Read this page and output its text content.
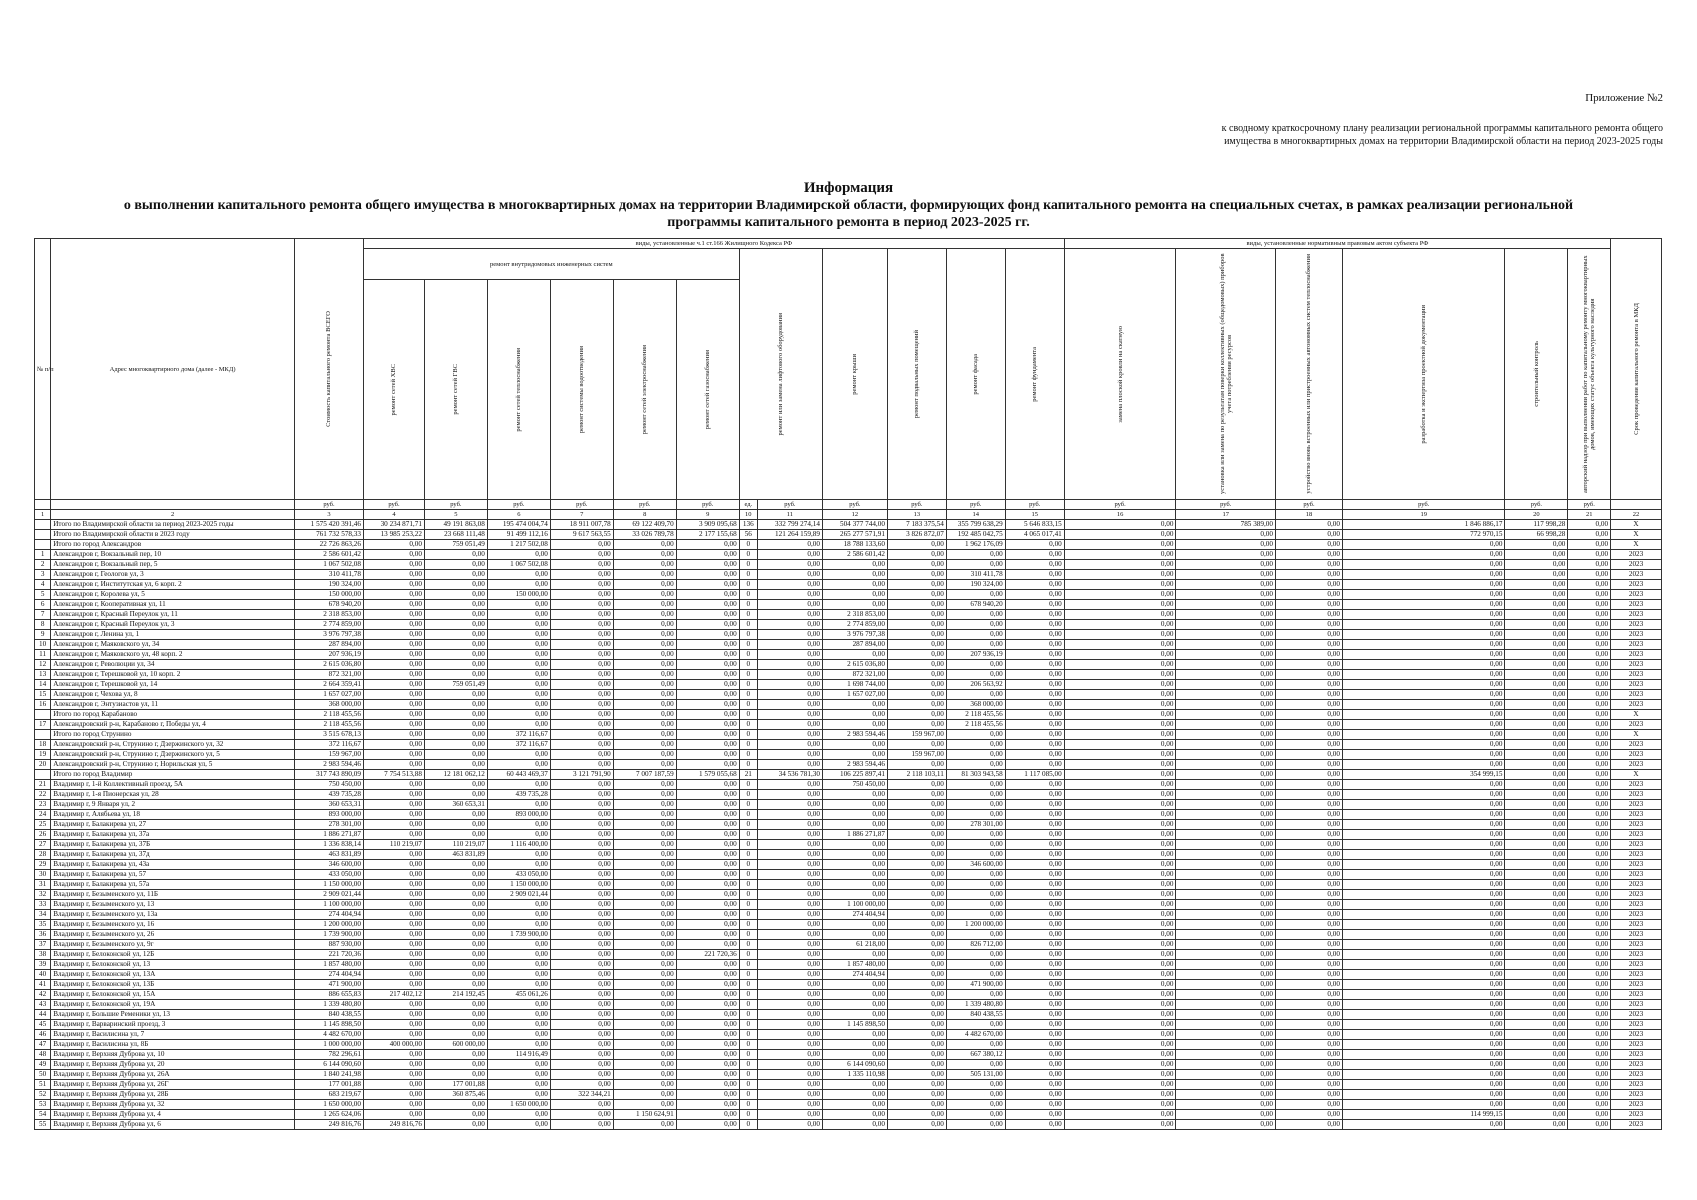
Приложение №2
к сводному краткосрочному плану реализации региональной программы капитального ремонта общего
имущества в многоквартирных домах на территории Владимирской области на период 2023-2025 годы
Информация
о выполнении капитального ремонта общего имущества в многоквартирных домах на территории Владимирской области, формирующих фонд капитального ремонта на специальных счетах, в рамках реализации региональной
программы капитального ремонта в период 2023-2025 гг.
№ п/п	Адрес многоквартирного дома (далее - МКД)	Стоимость капитального ремонта ВСЕГО	виды, установленные ч.1 ст.166 Жилищного Кодекса РФ												виды, установленные нормативным правовым актом субъекта РФ						Срок проведения капитального ремонта в МКД

			ремонт внутридомовых инженерных систем						ремонт или замена лифтового оборудования		ремонт крыши	ремонт подвальных помещений	ремонт фасада	ремонт фундамента	замена плоской кровли на скатную	установка или замена по результатам поверки коллективных (общедомовых) приборов учета потребления ресурсов	устройство вновь встроенных или пристроенных автономных систем теплоснабжения	разработка и экспертиза проектной документации	строительный контроль	авторский надзор при выполнении работ по капитальному ремонту многоквартирных домов, имеющих статус объекта культурного наследия	

			ремонт сетей ХВС	ремонт сетей ГВС	ремонт сетей теплоснабжения	ремонт системы водоотведения	ремонт сетей электроснабжения	ремонт сетей газоснабжения													

		руб.	руб.	руб.	руб.	руб.	руб.	руб.	ед.	руб.	руб.	руб.	руб.	руб.	руб.	руб.	руб.	руб.	руб.	руб.	
1	2	3	4	5	6	7	8	9	10	11	12	13	14	15	16	17	18	19	20	21	22
	Итого по Владимирской области за период 2023-2025 годы	1 575 420 391,46	30 234 871,71	49 191 863,08	195 474 004,74	18 911 007,78	69 122 409,70	3 909 095,68	136	332 799 274,14	504 377 744,00	7 183 375,54	355 799 638,29	5 646 833,15	0,00	785 389,00	0,00	1 846 886,17	117 998,28	0,00	X
	Итого по Владимирской области в 2023 году	761 732 578,33	13 985 253,22	23 668 111,48	91 499 112,16	9 617 563,55	33 026 789,78	2 177 155,68	56	121 264 159,89	265 277 571,91	3 826 872,07	192 485 042,75	4 065 017,41	0,00	0,00	0,00	772 970,15	66 998,28	0,00	X
	Итого по город Александров	22 726 863,26	0,00	759 051,49	1 217 502,08	0,00	0,00	0,00	0	0,00	18 788 133,60	0,00	1 962 176,09	0,00	0,00	0,00	0,00	0,00	0,00	0,00	X
1	Александров г, Вокзальный пер, 10	2 586 601,42	0,00	0,00	0,00	0,00	0,00	0,00	0	0,00	2 586 601,42	0,00	0,00	0,00	0,00	0,00	0,00	0,00	0,00	0,00	2023
2	Александров г, Вокзальный пер, 5	1 067 502,08	0,00	0,00	1 067 502,08	0,00	0,00	0,00	0	0,00	0,00	0,00	0,00	0,00	0,00	0,00	0,00	0,00	0,00	0,00	2023
3	Александров г, Геологов ул, 3	310 411,78	0,00	0,00	0,00	0,00	0,00	0,00	0	0,00	0,00	0,00	310 411,78	0,00	0,00	0,00	0,00	0,00	0,00	0,00	2023
4	Александров г, Институтская ул, 6 корп. 2	190 324,00	0,00	0,00	0,00	0,00	0,00	0,00	0	0,00	0,00	0,00	190 324,00	0,00	0,00	0,00	0,00	0,00	0,00	0,00	2023
5	Александров г, Королева ул, 5	150 000,00	0,00	0,00	150 000,00	0,00	0,00	0,00	0	0,00	0,00	0,00	0,00	0,00	0,00	0,00	0,00	0,00	0,00	0,00	2023
6	Александров г, Кооперативная ул, 11	678 940,20	0,00	0,00	0,00	0,00	0,00	0,00	0	0,00	0,00	0,00	678 940,20	0,00	0,00	0,00	0,00	0,00	0,00	0,00	2023
7	Александров г, Красный Переулок ул, 11	2 318 853,00	0,00	0,00	0,00	0,00	0,00	0,00	0	0,00	2 318 853,00	0,00	0,00	0,00	0,00	0,00	0,00	0,00	0,00	0,00	2023
8	Александров г, Красный Переулок ул, 3	2 774 859,00	0,00	0,00	0,00	0,00	0,00	0,00	0	0,00	2 774 859,00	0,00	0,00	0,00	0,00	0,00	0,00	0,00	0,00	0,00	2023
9	Александров г, Ленина ул, 1	3 976 797,38	0,00	0,00	0,00	0,00	0,00	0,00	0	0,00	3 976 797,38	0,00	0,00	0,00	0,00	0,00	0,00	0,00	0,00	0,00	2023
10	Александров г, Маяковского ул, 34	287 894,00	0,00	0,00	0,00	0,00	0,00	0,00	0	0,00	287 894,00	0,00	0,00	0,00	0,00	0,00	0,00	0,00	0,00	0,00	2023
11	Александров г, Маяковского ул, 48 корп. 2	207 936,19	0,00	0,00	0,00	0,00	0,00	0,00	0	0,00	0,00	0,00	207 936,19	0,00	0,00	0,00	0,00	0,00	0,00	0,00	2023
12	Александров г, Революции ул, 34	2 615 036,80	0,00	0,00	0,00	0,00	0,00	0,00	0	0,00	2 615 036,80	0,00	0,00	0,00	0,00	0,00	0,00	0,00	0,00	0,00	2023
13	Александров г, Терешковой ул, 10 корп. 2	872 321,00	0,00	0,00	0,00	0,00	0,00	0,00	0	0,00	872 321,00	0,00	0,00	0,00	0,00	0,00	0,00	0,00	0,00	0,00	2023
14	Александров г, Терешковой ул, 14	2 664 359,41	0,00	759 051,49	0,00	0,00	0,00	0,00	0	0,00	1 698 744,00	0,00	206 563,92	0,00	0,00	0,00	0,00	0,00	0,00	0,00	2023
15	Александров г, Чехова ул, 8	1 657 027,00	0,00	0,00	0,00	0,00	0,00	0,00	0	0,00	1 657 027,00	0,00	0,00	0,00	0,00	0,00	0,00	0,00	0,00	0,00	2023
16	Александров г, Энтузиастов ул, 11	368 000,00	0,00	0,00	0,00	0,00	0,00	0,00	0	0,00	0,00	0,00	368 000,00	0,00	0,00	0,00	0,00	0,00	0,00	0,00	2023
	Итого по город Карабаново	2 118 455,56	0,00	0,00	0,00	0,00	0,00	0,00	0	0,00	0,00	0,00	2 118 455,56	0,00	0,00	0,00	0,00	0,00	0,00	0,00	X
17	Александровский р-н, Карабаново г, Победы ул, 4	2 118 455,56	0,00	0,00	0,00	0,00	0,00	0,00	0	0,00	0,00	0,00	2 118 455,56	0,00	0,00	0,00	0,00	0,00	0,00	0,00	2023
	Итого по город Струнино	3 515 678,13	0,00	0,00	372 116,67	0,00	0,00	0,00	0	0,00	2 983 594,46	159 967,00	0,00	0,00	0,00	0,00	0,00	0,00	0,00	0,00	X
18	Александровский р-н, Струнино г, Дзержинского ул, 32	372 116,67	0,00	0,00	372 116,67	0,00	0,00	0,00	0	0,00	0,00	0,00	0,00	0,00	0,00	0,00	0,00	0,00	0,00	0,00	2023
19	Александровский р-н, Струнино г, Дзержинского ул, 5	159 967,00	0,00	0,00	0,00	0,00	0,00	0,00	0	0,00	0,00	159 967,00	0,00	0,00	0,00	0,00	0,00	0,00	0,00	0,00	2023
20	Александровский р-н, Струнино г, Норильская ул, 5	2 983 594,46	0,00	0,00	0,00	0,00	0,00	0,00	0	0,00	2 983 594,46	0,00	0,00	0,00	0,00	0,00	0,00	0,00	0,00	0,00	2023
	Итого по город Владимир	317 743 890,09	7 754 513,88	12 181 062,12	60 443 469,37	3 121 791,90	7 007 187,59	1 579 055,68	21	34 536 781,30	106 225 897,41	2 118 103,11	81 303 943,58	1 117 085,00	0,00	0,00	0,00	354 999,15	0,00	0,00	X
21	Владимир г, 1-й Коллективный проезд, 5А	750 450,00	0,00	0,00	0,00	0,00	0,00	0,00	0	0,00	750 450,00	0,00	0,00	0,00	0,00	0,00	0,00	0,00	0,00	0,00	2023
22	Владимир г, 1-я Пионерская ул, 28	439 735,28	0,00	0,00	439 735,28	0,00	0,00	0,00	0	0,00	0,00	0,00	0,00	0,00	0,00	0,00	0,00	0,00	0,00	0,00	2023
23	Владимир г, 9 Января ул, 2	360 653,31	0,00	360 653,31	0,00	0,00	0,00	0,00	0	0,00	0,00	0,00	0,00	0,00	0,00	0,00	0,00	0,00	0,00	0,00	2023
24	Владимир г, Алябьева ул, 18	893 000,00	0,00	0,00	893 000,00	0,00	0,00	0,00	0	0,00	0,00	0,00	0,00	0,00	0,00	0,00	0,00	0,00	0,00	0,00	2023
25	Владимир г, Балакирева ул, 27	278 301,00	0,00	0,00	0,00	0,00	0,00	0,00	0	0,00	0,00	0,00	278 301,00	0,00	0,00	0,00	0,00	0,00	0,00	0,00	2023
26	Владимир г, Балакирева ул, 37а	1 886 271,87	0,00	0,00	0,00	0,00	0,00	0,00	0	0,00	1 886 271,87	0,00	0,00	0,00	0,00	0,00	0,00	0,00	0,00	0,00	2023
27	Владимир г, Балакирева ул, 37Б	1 336 838,14	110 219,07	110 219,07	1 116 400,00	0,00	0,00	0,00	0	0,00	0,00	0,00	0,00	0,00	0,00	0,00	0,00	0,00	0,00	0,00	2023
28	Владимир г, Балакирева ул, 37д	463 831,89	0,00	463 831,89	0,00	0,00	0,00	0,00	0	0,00	0,00	0,00	0,00	0,00	0,00	0,00	0,00	0,00	0,00	0,00	2023
29	Владимир г, Балакирева ул, 43а	346 600,00	0,00	0,00	0,00	0,00	0,00	0,00	0	0,00	0,00	0,00	346 600,00	0,00	0,00	0,00	0,00	0,00	0,00	0,00	2023
30	Владимир г, Балакирева ул, 57	433 050,00	0,00	0,00	433 050,00	0,00	0,00	0,00	0	0,00	0,00	0,00	0,00	0,00	0,00	0,00	0,00	0,00	0,00	0,00	2023
31	Владимир г, Балакирева ул, 57а	1 150 000,00	0,00	0,00	1 150 000,00	0,00	0,00	0,00	0	0,00	0,00	0,00	0,00	0,00	0,00	0,00	0,00	0,00	0,00	0,00	2023
32	Владимир г, Безыменского ул, 11Б	2 909 021,44	0,00	0,00	2 909 021,44	0,00	0,00	0,00	0	0,00	0,00	0,00	0,00	0,00	0,00	0,00	0,00	0,00	0,00	0,00	2023
33	Владимир г, Безыменского ул, 13	1 100 000,00	0,00	0,00	0,00	0,00	0,00	0,00	0	0,00	1 100 000,00	0,00	0,00	0,00	0,00	0,00	0,00	0,00	0,00	0,00	2023
34	Владимир г, Безыменского ул, 13а	274 404,94	0,00	0,00	0,00	0,00	0,00	0,00	0	0,00	274 404,94	0,00	0,00	0,00	0,00	0,00	0,00	0,00	0,00	0,00	2023
35	Владимир г, Безыменского ул, 16	1 200 000,00	0,00	0,00	0,00	0,00	0,00	0,00	0	0,00	0,00	0,00	1 200 000,00	0,00	0,00	0,00	0,00	0,00	0,00	0,00	2023
36	Владимир г, Безыменского ул, 26	1 739 900,00	0,00	0,00	1 739 900,00	0,00	0,00	0,00	0	0,00	0,00	0,00	0,00	0,00	0,00	0,00	0,00	0,00	0,00	0,00	2023
37	Владимир г, Безыменского ул, 9г	887 930,00	0,00	0,00	0,00	0,00	0,00	0,00	0	0,00	61 218,00	0,00	826 712,00	0,00	0,00	0,00	0,00	0,00	0,00	0,00	2023
38	Владимир г, Белоконской ул, 12Б	221 720,36	0,00	0,00	0,00	0,00	0,00	221 720,36	0	0,00	0,00	0,00	0,00	0,00	0,00	0,00	0,00	0,00	0,00	0,00	2023
39	Владимир г, Белоконской ул, 13	1 857 480,00	0,00	0,00	0,00	0,00	0,00	0,00	0	0,00	1 857 480,00	0,00	0,00	0,00	0,00	0,00	0,00	0,00	0,00	0,00	2023
40	Владимир г, Белоконской ул, 13А	274 404,94	0,00	0,00	0,00	0,00	0,00	0,00	0	0,00	274 404,94	0,00	0,00	0,00	0,00	0,00	0,00	0,00	0,00	0,00	2023
41	Владимир г, Белоконской ул, 13Б	471 900,00	0,00	0,00	0,00	0,00	0,00	0,00	0	0,00	0,00	0,00	471 900,00	0,00	0,00	0,00	0,00	0,00	0,00	0,00	2023
42	Владимир г, Белоконской ул, 15А	886 655,83	217 402,12	214 192,45	455 061,26	0,00	0,00	0,00	0	0,00	0,00	0,00	0,00	0,00	0,00	0,00	0,00	0,00	0,00	0,00	2023
43	Владимир г, Белоконской ул, 19А	1 339 480,80	0,00	0,00	0,00	0,00	0,00	0,00	0	0,00	0,00	0,00	1 339 480,80	0,00	0,00	0,00	0,00	0,00	0,00	0,00	2023
44	Владимир г, Большие Ременики ул, 13	840 438,55	0,00	0,00	0,00	0,00	0,00	0,00	0	0,00	0,00	0,00	840 438,55	0,00	0,00	0,00	0,00	0,00	0,00	0,00	2023
45	Владимир г, Варваринский проезд, 3	1 145 898,50	0,00	0,00	0,00	0,00	0,00	0,00	0	0,00	1 145 898,50	0,00	0,00	0,00	0,00	0,00	0,00	0,00	0,00	0,00	2023
46	Владимир г, Василисина ул, 7	4 482 670,00	0,00	0,00	0,00	0,00	0,00	0,00	0	0,00	0,00	0,00	4 482 670,00	0,00	0,00	0,00	0,00	0,00	0,00	0,00	2023
47	Владимир г, Василисина ул, 8Б	1 000 000,00	400 000,00	600 000,00	0,00	0,00	0,00	0,00	0	0,00	0,00	0,00	0,00	0,00	0,00	0,00	0,00	0,00	0,00	0,00	2023
48	Владимир г, Верхняя Дуброва ул, 10	782 296,61	0,00	0,00	114 916,49	0,00	0,00	0,00	0	0,00	0,00	0,00	667 380,12	0,00	0,00	0,00	0,00	0,00	0,00	0,00	2023
49	Владимир г, Верхняя Дуброва ул, 20	6 144 090,60	0,00	0,00	0,00	0,00	0,00	0,00	0	0,00	6 144 090,60	0,00	0,00	0,00	0,00	0,00	0,00	0,00	0,00	0,00	2023
50	Владимир г, Верхняя Дуброва ул, 26А	1 840 241,98	0,00	0,00	0,00	0,00	0,00	0,00	0	0,00	1 335 110,98	0,00	505 131,00	0,00	0,00	0,00	0,00	0,00	0,00	0,00	2023
51	Владимир г, Верхняя Дуброва ул, 26Г	177 001,88	0,00	177 001,88	0,00	0,00	0,00	0,00	0	0,00	0,00	0,00	0,00	0,00	0,00	0,00	0,00	0,00	0,00	0,00	2023
52	Владимир г, Верхняя Дуброва ул, 28Б	683 219,67	0,00	360 875,46	0,00	322 344,21	0,00	0,00	0	0,00	0,00	0,00	0,00	0,00	0,00	0,00	0,00	0,00	0,00	0,00	2023
53	Владимир г, Верхняя Дуброва ул, 32	1 650 000,00	0,00	0,00	1 650 000,00	0,00	0,00	0,00	0	0,00	0,00	0,00	0,00	0,00	0,00	0,00	0,00	0,00	0,00	0,00	2023
54	Владимир г, Верхняя Дуброва ул, 4	1 265 624,06	0,00	0,00	0,00	0,00	1 150 624,91	0,00	0	0,00	0,00	0,00	0,00	0,00	0,00	0,00	0,00	114 999,15	0,00	0,00	2023
55	Владимир г, Верхняя Дуброва ул, 6	249 816,76	249 816,76	0,00	0,00	0,00	0,00	0,00	0	0,00	0,00	0,00	0,00	0,00	0,00	0,00	0,00	0,00	0,00	0,00	2023
